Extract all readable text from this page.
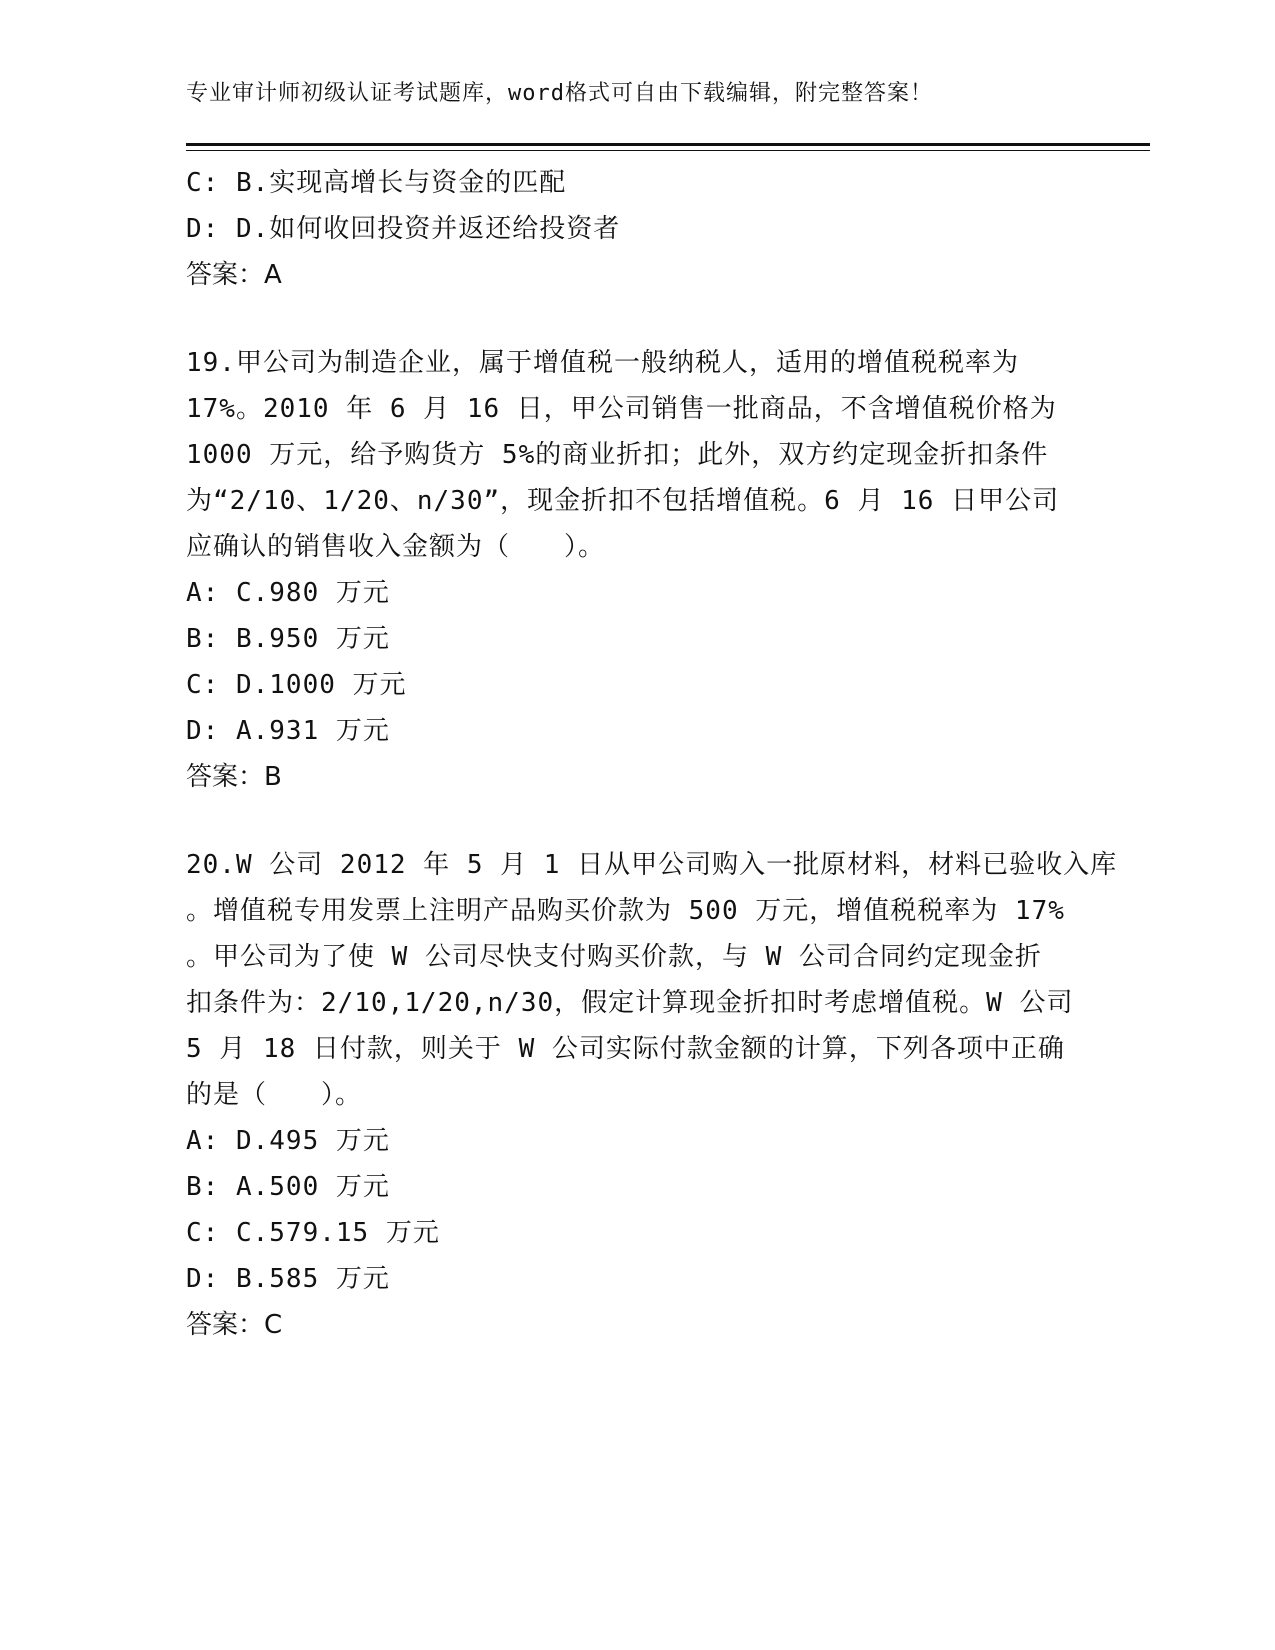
专业审计师初级认证考试题库，word格式可自由下载编辑，附完整答案！
C: B.实现高增长与资金的匹配
D: D.如何收回投资并返还给投资者
答案：A
19.甲公司为制造企业，属于增值税一般纳税人，适用的增值税税率为
17%。2010 年 6 月 16 日，甲公司销售一批商品，不含增值税价格为
1000 万元，给予购货方 5%的商业折扣；此外，双方约定现金折扣条件
为“2/10、1/20、n/30”，现金折扣不包括增值税。6 月 16 日甲公司
应确认的销售收入金额为（　　）。
A: C.980 万元
B: B.950 万元
C: D.1000 万元
D: A.931 万元
答案：B
20.W 公司 2012 年 5 月 1 日从甲公司购入一批原材料，材料已验收入库
。增值税专用发票上注明产品购买价款为 500 万元，增值税税率为 17%
。甲公司为了使 W 公司尽快支付购买价款，与 W 公司合同约定现金折
扣条件为：2/10,1/20,n/30，假定计算现金折扣时考虑增值税。W 公司
5 月 18 日付款，则关于 W 公司实际付款金额的计算，下列各项中正确
的是（　　）。
A: D.495 万元
B: A.500 万元
C: C.579.15 万元
D: B.585 万元
答案：C
